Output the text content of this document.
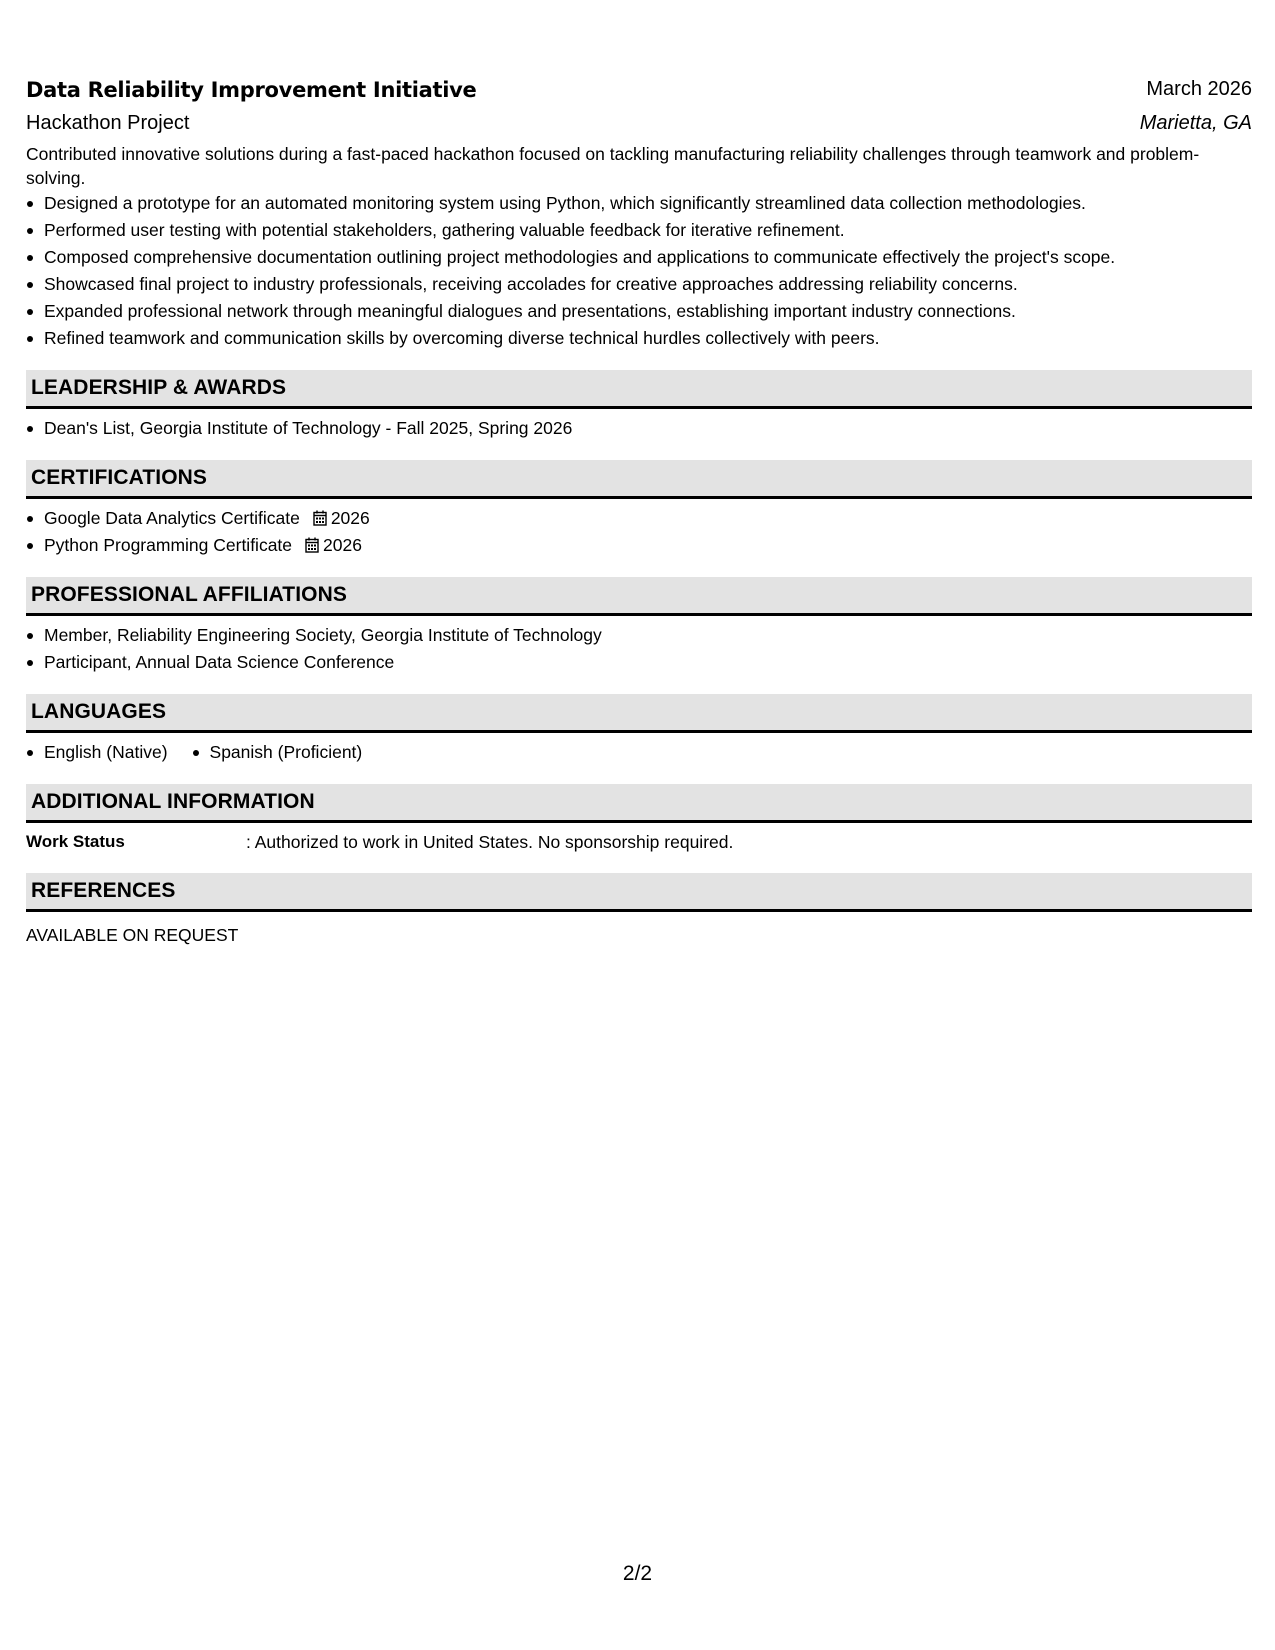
Data Reliability Improvement Initiative	March 2026
Hackathon Project	Marietta, GA
Contributed innovative solutions during a fast-paced hackathon focused on tackling manufacturing reliability challenges through teamwork and problem-solving.
Designed a prototype for an automated monitoring system using Python, which significantly streamlined data collection methodologies.
Performed user testing with potential stakeholders, gathering valuable feedback for iterative refinement.
Composed comprehensive documentation outlining project methodologies and applications to communicate effectively the project's scope.
Showcased final project to industry professionals, receiving accolades for creative approaches addressing reliability concerns.
Expanded professional network through meaningful dialogues and presentations, establishing important industry connections.
Refined teamwork and communication skills by overcoming diverse technical hurdles collectively with peers.
LEADERSHIP & AWARDS
Dean's List, Georgia Institute of Technology - Fall 2025, Spring 2026
CERTIFICATIONS
Google Data Analytics Certificate 2026
Python Programming Certificate 2026
PROFESSIONAL AFFILIATIONS
Member, Reliability Engineering Society, Georgia Institute of Technology
Participant, Annual Data Science Conference
LANGUAGES
English (Native) Spanish (Proficient)
ADDITIONAL INFORMATION
Work Status	: Authorized to work in United States. No sponsorship required.
REFERENCES
AVAILABLE ON REQUEST
2/2
